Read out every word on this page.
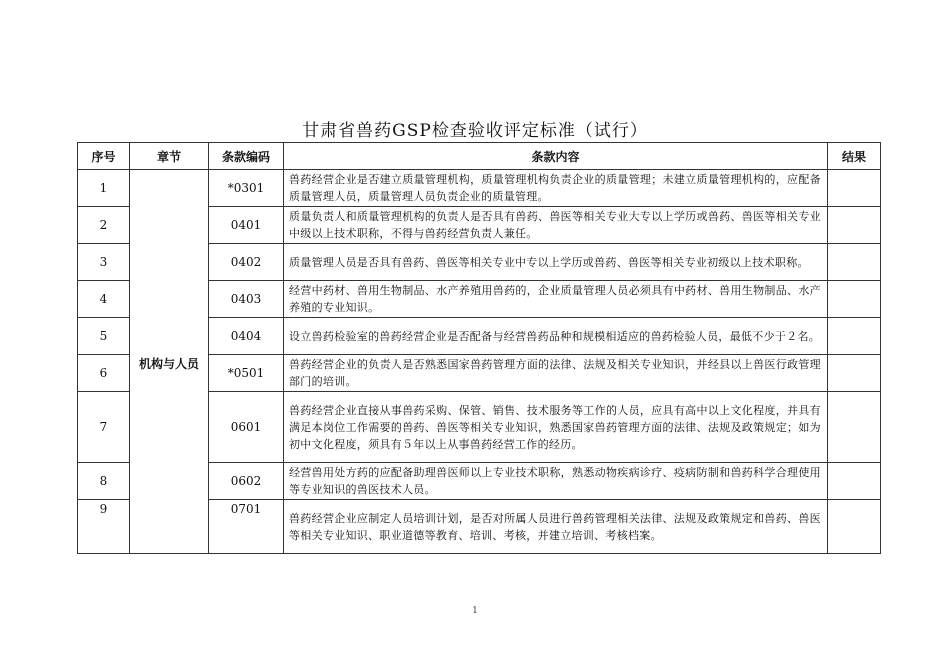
甘肃省兽药GSP检查验收评定标准（试行）
序号	章节	条款编码	条款内容	结果
1	机构与人员	*0301	兽药经营企业是否建立质量管理机构，质量管理机构负责企业的质量管理；未建立质量管理机构的，应配备质量管理人员，质量管理人员负责企业的质量管理。	
2		0401	质量负责人和质量管理机构的负责人是否具有兽药、兽医等相关专业大专以上学历或兽药、兽医等相关专业中级以上技术职称，不得与兽药经营负责人兼任。	
3		0402	质量管理人员是否具有兽药、兽医等相关专业中专以上学历或兽药、兽医等相关专业初级以上技术职称。	
4		0403	经营中药材、兽用生物制品、水产养殖用兽药的，企业质量管理人员必须具有中药材、兽用生物制品、水产养殖的专业知识。	
5		0404	设立兽药检验室的兽药经营企业是否配备与经营兽药品种和规模相适应的兽药检验人员，最低不少于２名。	
6		*0501	兽药经营企业的负责人是否熟悉国家兽药管理方面的法律、法规及相关专业知识，并经县以上兽医行政管理部门的培训。	
7		0601	兽药经营企业直接从事兽药采购、保管、销售、技术服务等工作的人员，应具有高中以上文化程度，并具有满足本岗位工作需要的兽药、兽医等相关专业知识，熟悉国家兽药管理方面的法律、法规及政策规定；如为初中文化程度，须具有５年以上从事兽药经营工作的经历。	
8		0602	经营兽用处方药的应配备助理兽医师以上专业技术职称，熟悉动物疾病诊疗、疫病防制和兽药科学合理使用等专业知识的兽医技术人员。	
9		0701	兽药经营企业应制定人员培训计划，是否对所属人员进行兽药管理相关法律、法规及政策规定和兽药、兽医等相关专业知识、职业道德等教育、培训、考核，并建立培训、考核档案。	
1
